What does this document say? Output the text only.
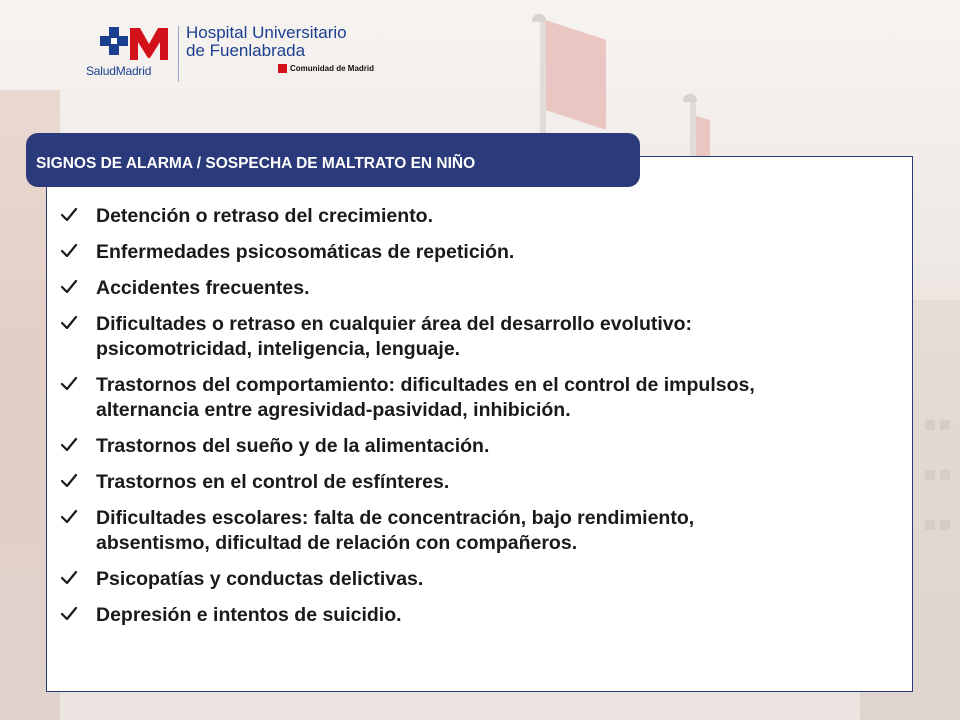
SaludMadrid
Hospital Universitario
de Fuenlabrada
Comunidad de Madrid
SIGNOS DE ALARMA / SOSPECHA DE MALTRATO EN NIÑO
Detención o retraso del crecimiento.
Enfermedades psicosomáticas de repetición.
Accidentes frecuentes.
Dificultades o retraso en cualquier área del desarrollo evolutivo:
psicomotricidad, inteligencia, lenguaje.
Trastornos del comportamiento: dificultades en el control de impulsos,
alternancia entre agresividad-pasividad, inhibición.
Trastornos del sueño y de la alimentación.
Trastornos en el control de esfínteres.
Dificultades escolares: falta de concentración, bajo rendimiento,
absentismo, dificultad de relación con compañeros.
Psicopatías y conductas delictivas.
Depresión e intentos de suicidio.
